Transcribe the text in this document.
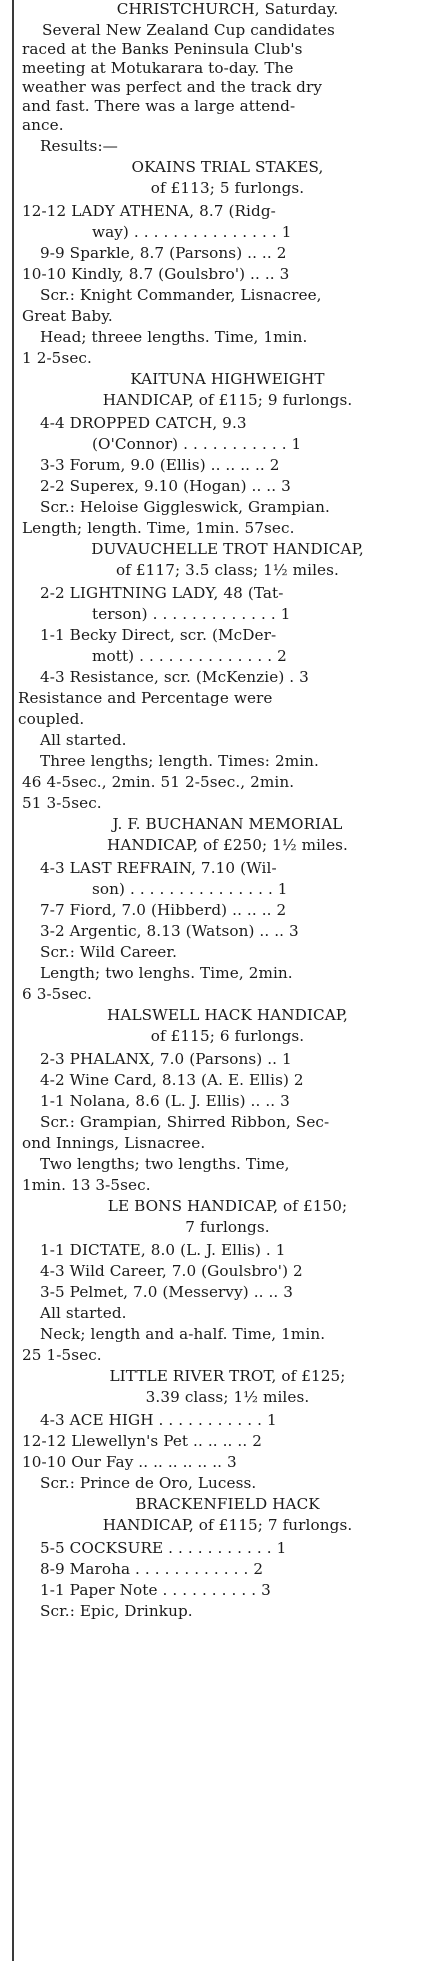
CHRISTCHURCH, Saturday.
Several New Zealand Cup candidates
raced at the Banks Peninsula Club's
meeting at Motukarara to-day. The
weather was perfect and the track dry
and fast. There was a large attend-
ance.
Results:—
OKAINS TRIAL STAKES,
of £113; 5 furlongs.
12-12 LADY ATHENA, 8.7 (Ridg-
way) . . . . . . . . . . . . . . . 1
9-9 Sparkle, 8.7 (Parsons) .. .. 2
10-10 Kindly, 8.7 (Goulsbro') .. .. 3
Scr.: Knight Commander, Lisnacree,
Great Baby.
Head; threee lengths. Time, 1min.
1 2-5sec.
KAITUNA HIGHWEIGHT
HANDICAP, of £115; 9 furlongs.
4-4 DROPPED CATCH, 9.3
(O'Connor) . . . . . . . . . . . 1
3-3 Forum, 9.0 (Ellis) .. .. .. .. 2
2-2 Superex, 9.10 (Hogan) .. .. 3
Scr.: Heloise Giggleswick, Grampian.
Length; length. Time, 1min. 57sec.
DUVAUCHELLE TROT HANDICAP,
of £117; 3.5 class; 1½ miles.
2-2 LIGHTNING LADY, 48 (Tat-
terson) . . . . . . . . . . . . . 1
1-1 Becky Direct, scr. (McDer-
mott) . . . . . . . . . . . . . . 2
4-3 Resistance, scr. (McKenzie) . 3
Resistance and Percentage were
coupled.
All started.
Three lengths; length. Times: 2min.
46 4-5sec., 2min. 51 2-5sec., 2min.
51 3-5sec.
J. F. BUCHANAN MEMORIAL
HANDICAP, of £250; 1½ miles.
4-3 LAST REFRAIN, 7.10 (Wil-
son) . . . . . . . . . . . . . . . 1
7-7 Fiord, 7.0 (Hibberd) .. .. .. 2
3-2 Argentic, 8.13 (Watson) .. .. 3
Scr.: Wild Career.
Length; two lenghs. Time, 2min.
6 3-5sec.
HALSWELL HACK HANDICAP,
of £115; 6 furlongs.
2-3 PHALANX, 7.0 (Parsons) .. 1
4-2 Wine Card, 8.13 (A. E. Ellis) 2
1-1 Nolana, 8.6 (L. J. Ellis) .. .. 3
Scr.: Grampian, Shirred Ribbon, Sec-
ond Innings, Lisnacree.
Two lengths; two lengths. Time,
1min. 13 3-5sec.
LE BONS HANDICAP, of £150;
7 furlongs.
1-1 DICTATE, 8.0 (L. J. Ellis) . 1
4-3 Wild Career, 7.0 (Goulsbro') 2
3-5 Pelmet, 7.0 (Messervy) .. .. 3
All started.
Neck; length and a-half. Time, 1min.
25 1-5sec.
LITTLE RIVER TROT, of £125;
3.39 class; 1½ miles.
4-3 ACE HIGH . . . . . . . . . . . 1
12-12 Llewellyn's Pet .. .. .. .. 2
10-10 Our Fay .. .. .. .. .. .. 3
Scr.: Prince de Oro, Lucess.
BRACKENFIELD HACK
HANDICAP, of £115; 7 furlongs.
5-5 COCKSURE . . . . . . . . . . . 1
8-9 Maroha . . . . . . . . . . . . 2
1-1 Paper Note . . . . . . . . . . 3
Scr.: Epic, Drinkup.
